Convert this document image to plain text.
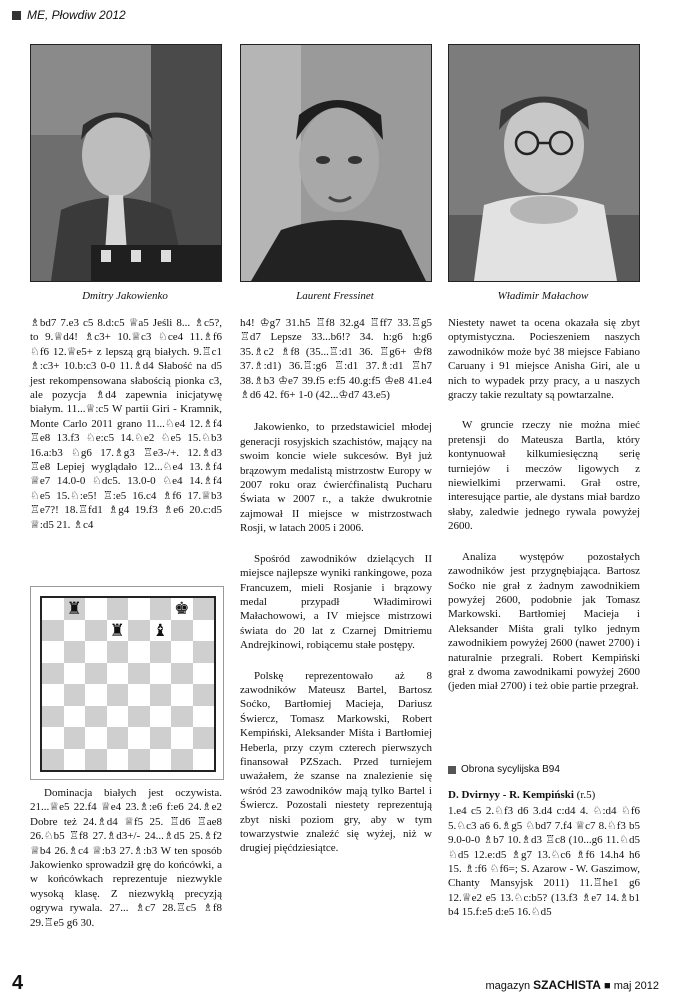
ME, Płowdiw 2012
Dmitry Jakowienko	Laurent Fressinet	Władimir Małachow

♗bd7 7.e3 c5 8.d:c5 ♕a5 Jeśli 8... ♗c5?, to 9.♕d4! ♗c3+ 10.♕c3 ♘ce4 11.♗f6 ♘f6 12.♕e5+ z lepszą grą białych. 9.♖c1 ♗:c3+ 10.b:c3 0-0 11.♗d4 Słabość na d5 jest rekompensowana słabością pionka c3, ale pozycja ♗d4 zapewnia inicjatywę białym. 11...♕:c5 W partii Giri - Kramnik, Monte Carlo 2011 grano 11...♘e4 12.♗f4 ♖e8 13.f3 ♘e:c5 14.♘e2 ♘e5 15.♘b3 16.a:b3 ♘g6 17.♗g3 ♖e3-/+. 12.♗d3 ♖e8 Lepiej wyglądało 12...♘e4 13.♗f4 ♕e7 14.0-0 ♘dc5. 13.0-0 ♘e4 14.♗f4 ♘e5 15.♘:e5! ♖:e5 16.c4 ♗f6 17.♕b3 ♖e7?! 18.♖fd1 ♗g4 19.f3 ♗e6 20.c:d5 ♕:d5 21. ♗c4

♜	♚
♜ ♝

Dominacja białych jest oczywista. 21...♕e5 22.f4 ♕e4 23.♗:e6 f:e6 24.♗e2 Dobre też 24.♗d4 ♕f5 25. ♖d6 ♖ae8 26.♘b5 ♖f8 27.♗d3+/- 24...♗d5 25.♗f2 ♕b4 26.♗c4 ♕:b3 27.♗:b3 W ten sposób Jakowienko sprowadził grę do końcówki, a w końcówkach reprezentuje niezwykle wysoką klasę. Z niezwykłą precyzją ogrywa rywala. 27... ♗c7 28.♖c5 ♗f8 29.♖e5 g6 30.

h4! ♔g7 31.h5 ♖f8 32.g4 ♖ff7 33.♖g5 ♖d7 Lepsze 33...b6!? 34. h:g6 h:g6 35.♗c2 ♗f8 (35...♖:d1 36. ♖g6+ ♔f8 37.♗:d1) 36.♖:g6 ♖:d1 37.♗:d1 ♖h7 38.♗b3 ♔e7 39.f5 e:f5 40.g:f5 ♔e8 41.e4 ♗d6 42. f6+ 1-0 (42...♔d7 43.e5)

Jakowienko, to przedstawiciel młodej generacji rosyjskich szachistów, mający na swoim koncie wiele sukcesów. Był już brązowym medalistą mistrzostw Europy w 2007 roku oraz ćwierćfinalistą Pucharu Świata w 2007 r., a także dwukrotnie zajmował II miejsce w mistrzostwach Rosji, w latach 2005 i 2006.

Spośród zawodników dzielących II miejsce najlepsze wyniki rankingowe, poza Francuzem, mieli Rosjanie i brązowy medal przypadł Władimirowi Małachowowi, a IV miejsce mistrzowi świata do 20 lat z Czarnej Dmitriemu Andrejkinowi, robiącemu stałe postępy.

Polskę reprezentowało aż 8 zawodników Mateusz Bartel, Bartosz Soćko, Bartłomiej Macieja, Dariusz Świercz, Tomasz Markowski, Robert Kempiński, Aleksander Miśta i Bartłomiej Heberla, przy czym czterech pierwszych finansował PZSzach. Przed turniejem uważałem, że szanse na znalezienie się wśród 23 zawodników mają tylko Bartel i Świercz. Pozostali niestety reprezentują zbyt niski poziom gry, aby w tym towarzystwie znaleźć się wyżej, niż w drugiej pięćdziesiątce.

Niestety nawet ta ocena okazała się zbyt optymistyczna. Pocieszeniem naszych zawodników może być 38 miejsce Fabiano Caruany i 91 miejsce Anisha Giri, ale u nich to wypadek przy pracy, a u naszych graczy takie rezultaty są powtarzalne.

W gruncie rzeczy nie można mieć pretensji do Mateusza Bartla, który kontynuował kilkumiesięczną serię turniejów i meczów ligowych z niewielkimi przerwami. Grał ostre, interesujące partie, ale dystans miał bardzo słaby, zaledwie jednego rywala powyżej 2600.

Analiza występów pozostałych zawodników jest przygnębiająca. Bartosz Soćko nie grał z żadnym zawodnikiem powyżej 2600, podobnie jak Tomasz Markowski. Bartłomiej Macieja i Aleksander Miśta grali tylko jednym zawodnikiem powyżej 2600 (nawet 2700) i naturalnie przegrali. Robert Kempiński grał z dwoma zawodnikami powyżej 2600 (jeden miał 2700) i też obie partie przegrał.

Obrona sycylijska B94

D. Dvirnyy - R. Kempiński (r.5)

1.e4 c5 2.♘f3 d6 3.d4 c:d4 4. ♘:d4 ♘f6 5.♘c3 a6 6.♗g5 ♘bd7 7.f4 ♕c7 8.♘f3 b5 9.0-0-0 ♗b7 10.♗d3 ♖c8 (10...g6 11.♘d5 ♘d5 12.e:d5 ♗g7 13.♘c6 ♗f6 14.h4 h6 15. ♗:f6 ♘f6=; S. Azarow - W. Gaszimow, Chanty Mansyjsk 2011) 11.♖he1 g6 12.♕e2 e5 13.♘c:b5? (13.f3 ♗e7 14.♗b1 b4 15.f:e5 d:e5 16.♘d5

4	magazyn SZACHISTA ■ maj 2012
